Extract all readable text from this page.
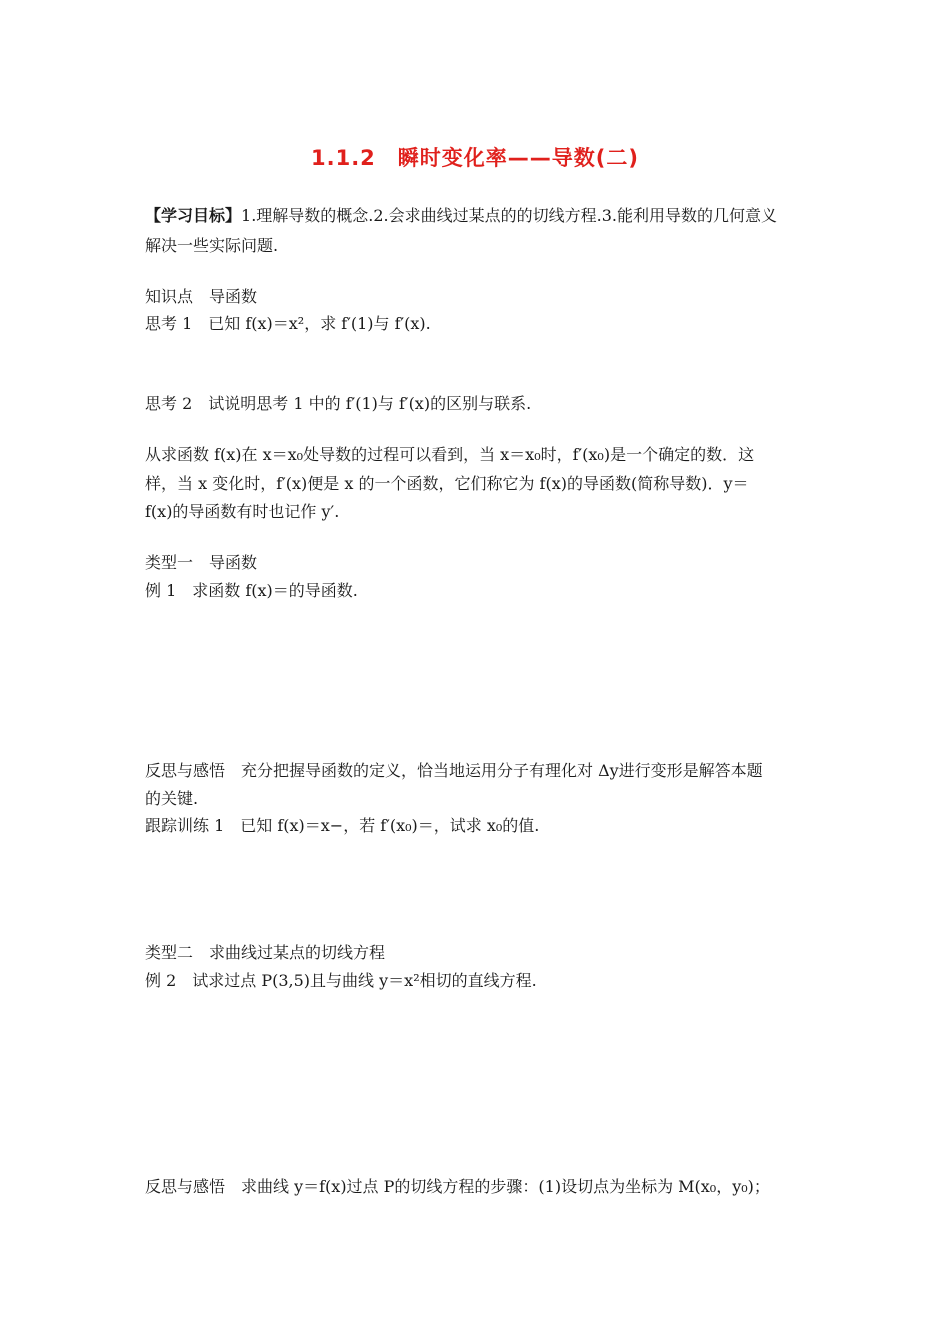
1.1.2　瞬时变化率——导数(二)
【学习目标】1.理解导数的概念.2.会求曲线过某点的的切线方程.3.能利用导数的几何意义
解决一些实际问题.
知识点　导函数
思考 1　已知 f(x)＝x²，求 f′(1)与 f′(x).
思考 2　试说明思考 1 中的 f′(1)与 f′(x)的区别与联系.
从求函数 f(x)在 x＝x₀处导数的过程可以看到，当 x＝x₀时，f′(x₀)是一个确定的数．这
样，当 x 变化时，f′(x)便是 x 的一个函数，它们称它为 f(x)的导函数(简称导数)．y＝
f(x)的导函数有时也记作 y′.
类型一　导函数
例 1　求函数 f(x)＝的导函数.
反思与感悟　充分把握导函数的定义，恰当地运用分子有理化对 Δy进行变形是解答本题
的关键.
跟踪训练 1　已知 f(x)＝x−，若 f′(x₀)＝，试求 x₀的值.
类型二　求曲线过某点的切线方程
例 2　试求过点 P(3,5)且与曲线 y＝x²相切的直线方程.
反思与感悟　求曲线 y＝f(x)过点 P的切线方程的步骤：(1)设切点为坐标为 M(x₀，y₀)；
